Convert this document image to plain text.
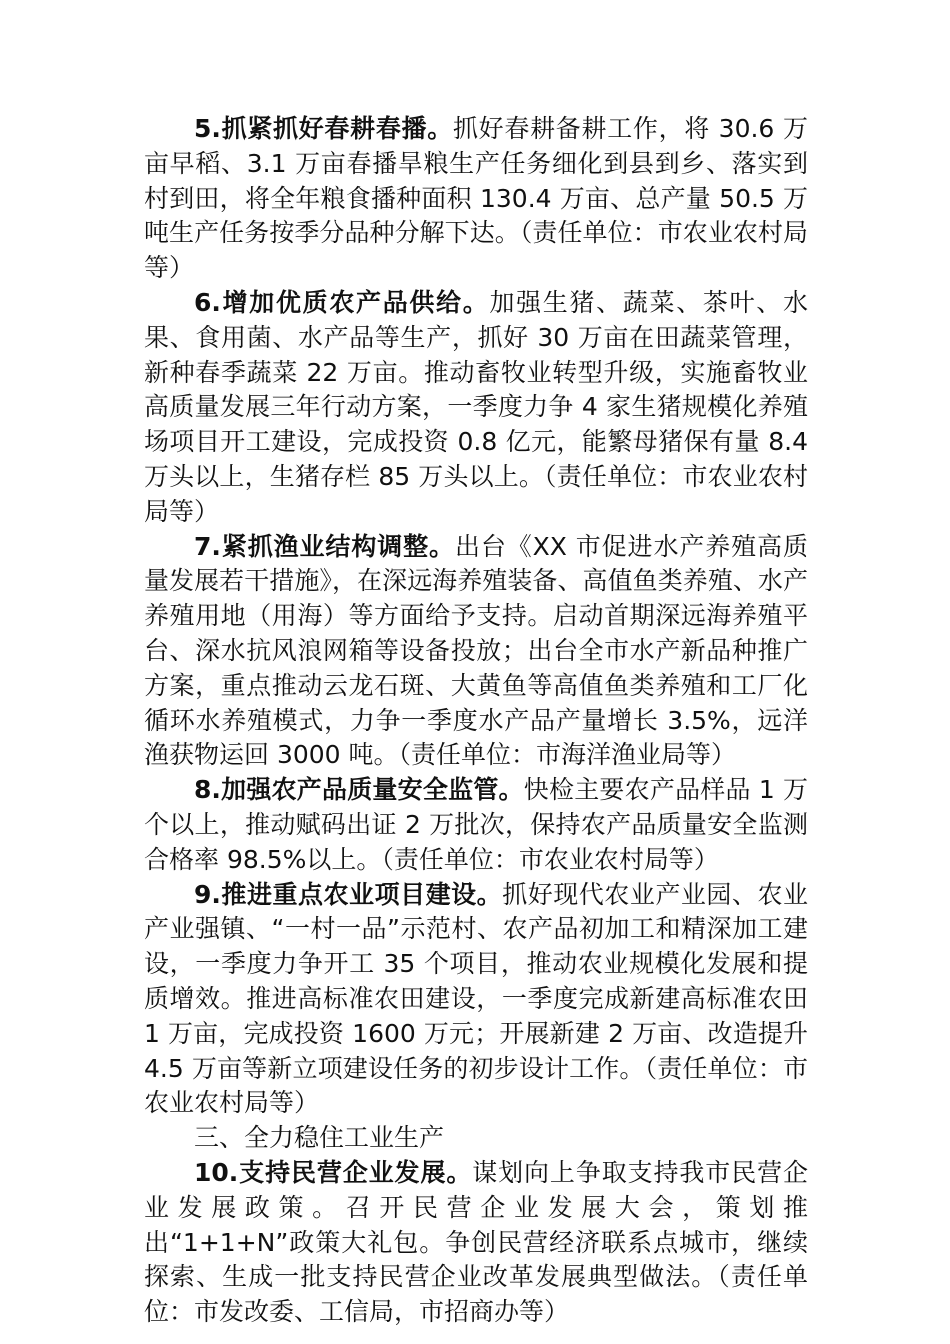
5.抓紧抓好春耕春播。抓好春耕备耕工作，将 30.6 万亩早稻、3.1 万亩春播旱粮生产任务细化到县到乡、落实到村到田，将全年粮食播种面积 130.4 万亩、总产量 50.5 万吨生产任务按季分品种分解下达。（责任单位：市农业农村局等）

6.增加优质农产品供给。加强生猪、蔬菜、茶叶、水果、食用菌、水产品等生产，抓好 30 万亩在田蔬菜管理，新种春季蔬菜 22 万亩。推动畜牧业转型升级，实施畜牧业高质量发展三年行动方案，一季度力争 4 家生猪规模化养殖场项目开工建设，完成投资 0.8 亿元，能繁母猪保有量 8.4 万头以上，生猪存栏 85 万头以上。（责任单位：市农业农村局等）

7.紧抓渔业结构调整。出台《XX 市促进水产养殖高质量发展若干措施》，在深远海养殖装备、高值鱼类养殖、水产养殖用地（用海）等方面给予支持。启动首期深远海养殖平台、深水抗风浪网箱等设备投放；出台全市水产新品种推广方案，重点推动云龙石斑、大黄鱼等高值鱼类养殖和工厂化循环水养殖模式，力争一季度水产品产量增长 3.5%，远洋渔获物运回 3000 吨。（责任单位：市海洋渔业局等）

8.加强农产品质量安全监管。快检主要农产品样品 1 万个以上，推动赋码出证 2 万批次，保持农产品质量安全监测合格率 98.5%以上。（责任单位：市农业农村局等）

9.推进重点农业项目建设。抓好现代农业产业园、农业产业强镇、“一村一品”示范村、农产品初加工和精深加工建设，一季度力争开工 35 个项目，推动农业规模化发展和提质增效。推进高标准农田建设，一季度完成新建高标准农田 1 万亩，完成投资 1600 万元；开展新建 2 万亩、改造提升 4.5 万亩等新立项建设任务的初步设计工作。（责任单位：市农业农村局等）

三、全力稳住工业生产

10.支持民营企业发展。谋划向上争取支持我市民营企业发展政策。召开民营企业发展大会，策划推出“1+1+N”政策大礼包。争创民营经济联系点城市，继续探索、生成一批支持民营企业改革发展典型做法。（责任单位：市发改委、工信局，市招商办等）
